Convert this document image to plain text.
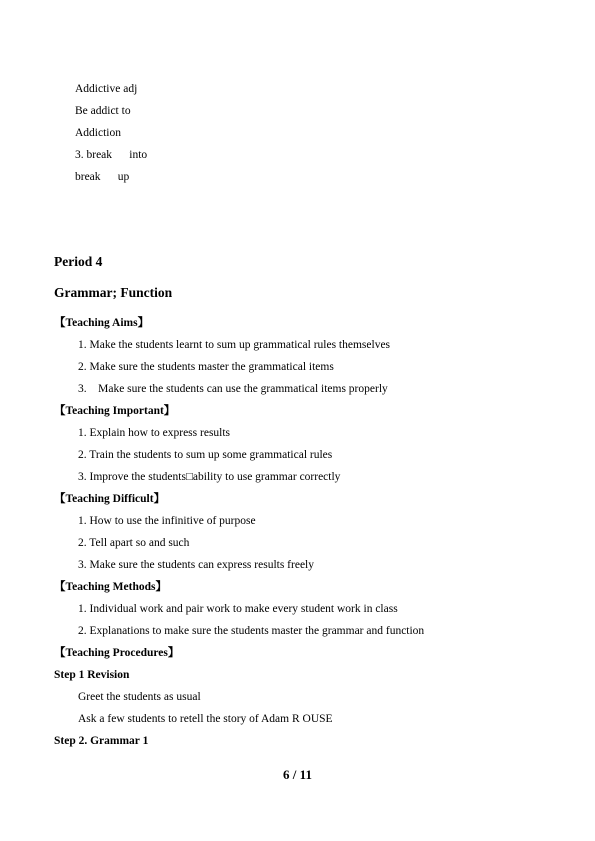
Addictive adj
Be addict to
Addiction
3. break      into
break      up
Period 4
Grammar; Function
【Teaching Aims】
1. Make the students learnt to sum up grammatical rules themselves
2. Make sure the students master the grammatical items
3.    Make sure the students can use the grammatical items properly
【Teaching Important】
1. Explain how to express results
2. Train the students to sum up some grammatical rules
3. Improve the students□ability to use grammar correctly
【Teaching Difficult】
1. How to use the infinitive of purpose
2. Tell apart so and such
3. Make sure the students can express results freely
【Teaching Methods】
1. Individual work and pair work to make every student work in class
2. Explanations to make sure the students master the grammar and function
【Teaching Procedures】
Step 1 Revision
Greet the students as usual
Ask a few students to retell the story of Adam R OUSE
Step 2. Grammar 1
6 / 11
